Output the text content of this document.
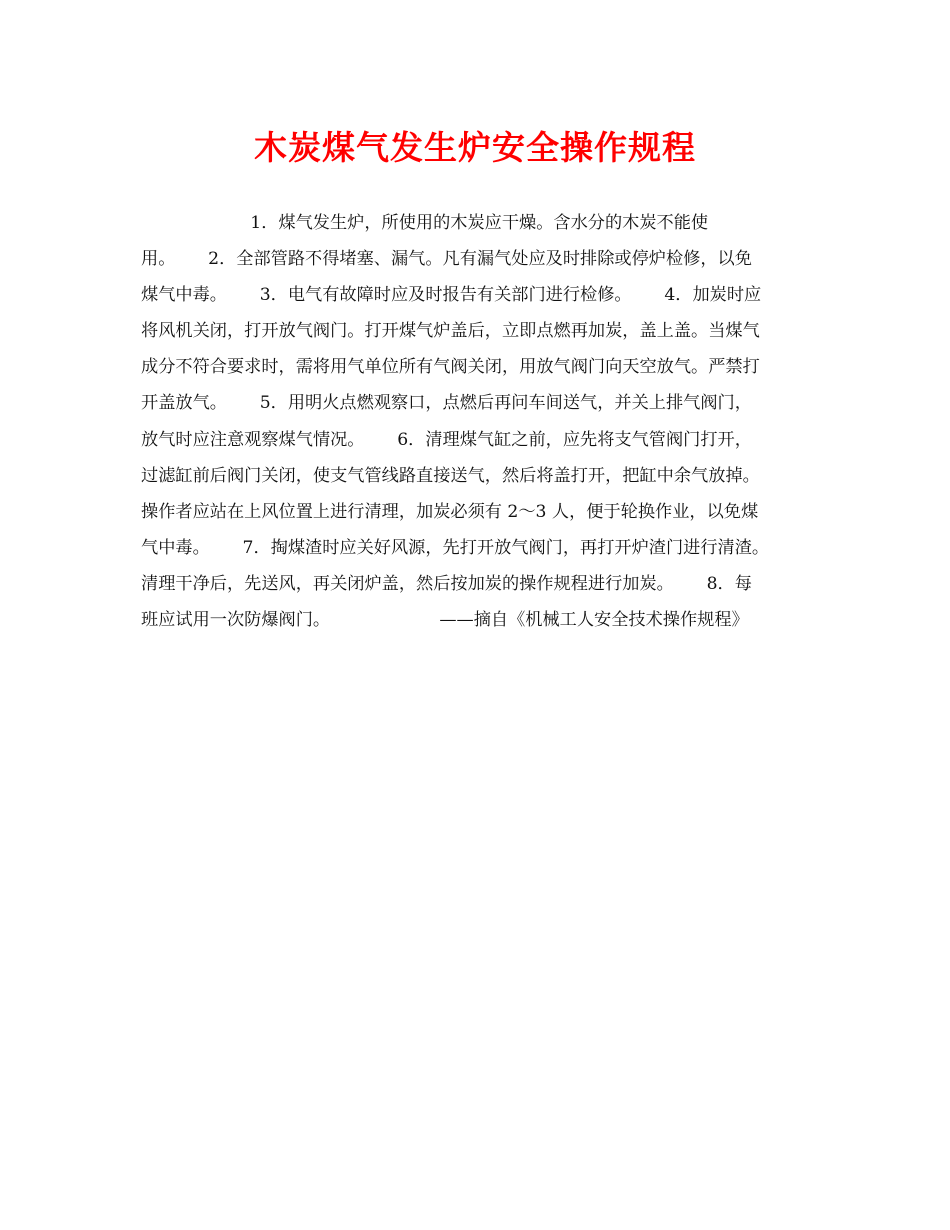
木炭煤气发生炉安全操作规程
1．煤气发生炉，所使用的木炭应干燥。含水分的木炭不能使
用。      2．全部管路不得堵塞、漏气。凡有漏气处应及时排除或停炉检修，以免
煤气中毒。      3．电气有故障时应及时报告有关部门进行检修。      4．加炭时应
将风机关闭，打开放气阀门。打开煤气炉盖后，立即点燃再加炭，盖上盖。当煤气
成分不符合要求时，需将用气单位所有气阀关闭，用放气阀门向天空放气。严禁打
开盖放气。      5．用明火点燃观察口，点燃后再问车间送气，并关上排气阀门，
放气时应注意观察煤气情况。      6．清理煤气缸之前，应先将支气管阀门打开，
过滤缸前后阀门关闭，使支气管线路直接送气，然后将盖打开，把缸中余气放掉。
操作者应站在上风位置上进行清理，加炭必须有 2～3 人，便于轮换作业，以免煤
气中毒。      7．掏煤渣时应关好风源，先打开放气阀门，再打开炉渣门进行清渣。
清理干净后，先送风，再关闭炉盖，然后按加炭的操作规程进行加炭。      8．每
班应试用一次防爆阀门。                    ——摘自《机械工人安全技术操作规程》
